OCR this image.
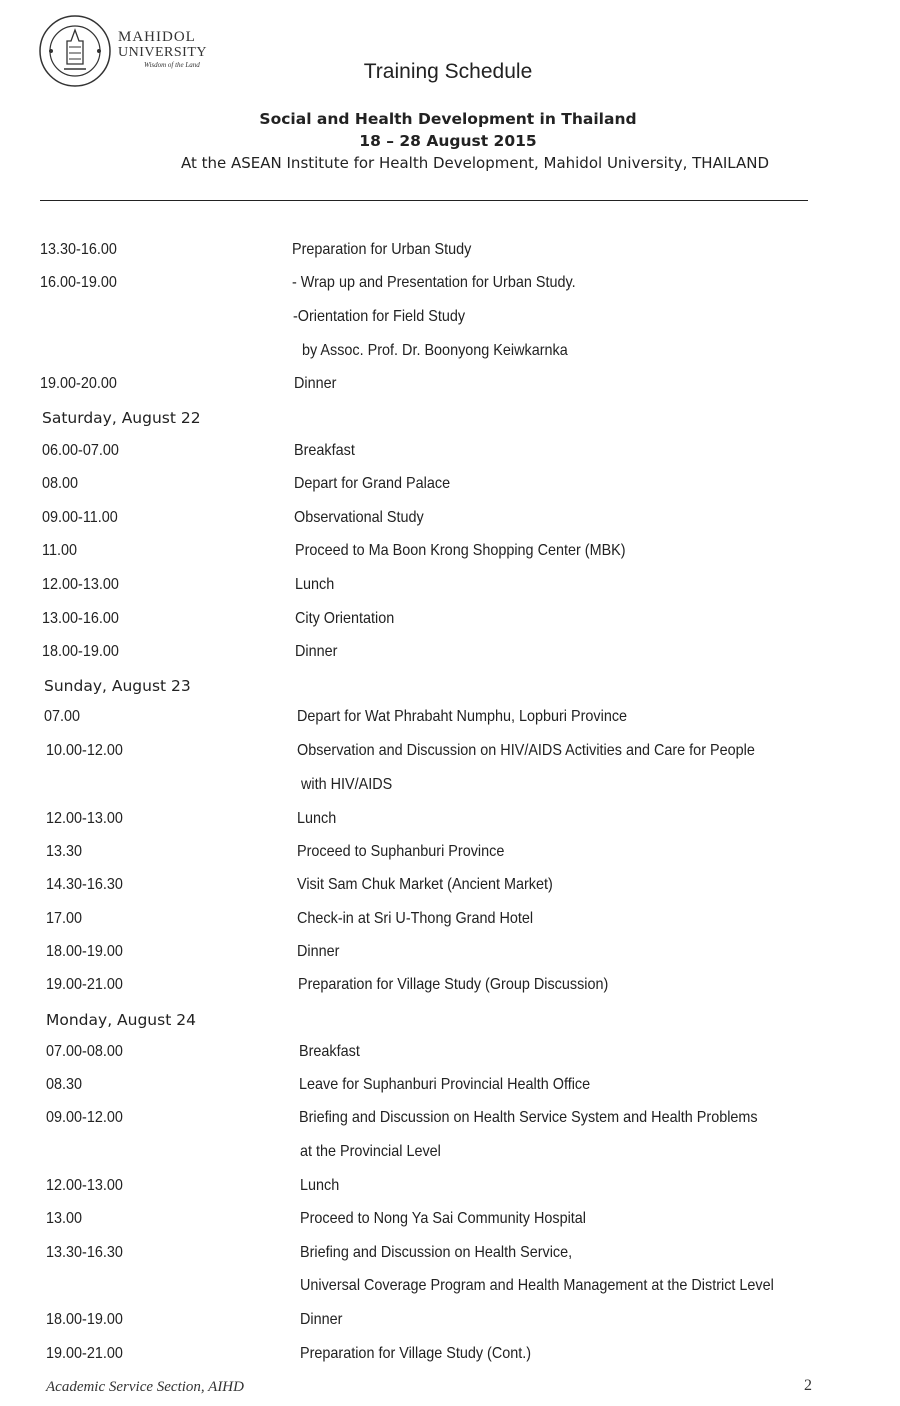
MAHIDOL
UNIVERSITY
Wisdom of the Land	Training Schedule
Social and Health Development in Thailand
18 – 28 August 2015
At the ASEAN Institute for Health Development, Mahidol University, THAILAND
13.30-16.00	Preparation for Urban Study
16.00-19.00	- Wrap up and Presentation for Urban Study.
-Orientation for Field Study
by Assoc. Prof. Dr. Boonyong Keiwkarnka
19.00-20.00	Dinner
Saturday, August 22
06.00-07.00	Breakfast
08.00	Depart for Grand Palace
09.00-11.00	Observational Study
11.00	Proceed to Ma Boon Krong Shopping Center (MBK)
12.00-13.00	Lunch
13.00-16.00	City Orientation
18.00-19.00	Dinner
Sunday, August 23
07.00	Depart for Wat Phrabaht Numphu, Lopburi Province
10.00-12.00	Observation and Discussion on HIV/AIDS Activities and Care for People
with HIV/AIDS
12.00-13.00	Lunch
13.30	Proceed to Suphanburi Province
14.30-16.30	Visit Sam Chuk Market (Ancient Market)
17.00	Check-in at Sri U-Thong Grand Hotel
18.00-19.00	Dinner
19.00-21.00	Preparation for Village Study (Group Discussion)
Monday, August 24
07.00-08.00	Breakfast
08.30	Leave for Suphanburi Provincial Health Office
09.00-12.00	Briefing and Discussion on Health Service System and Health Problems
at the Provincial Level
12.00-13.00	Lunch
13.00	Proceed to Nong Ya Sai Community Hospital
13.30-16.30	Briefing and Discussion on Health Service,
Universal Coverage Program and Health Management at the District Level
18.00-19.00	Dinner
19.00-21.00	Preparation for Village Study (Cont.)
Academic Service Section, AIHD	2
